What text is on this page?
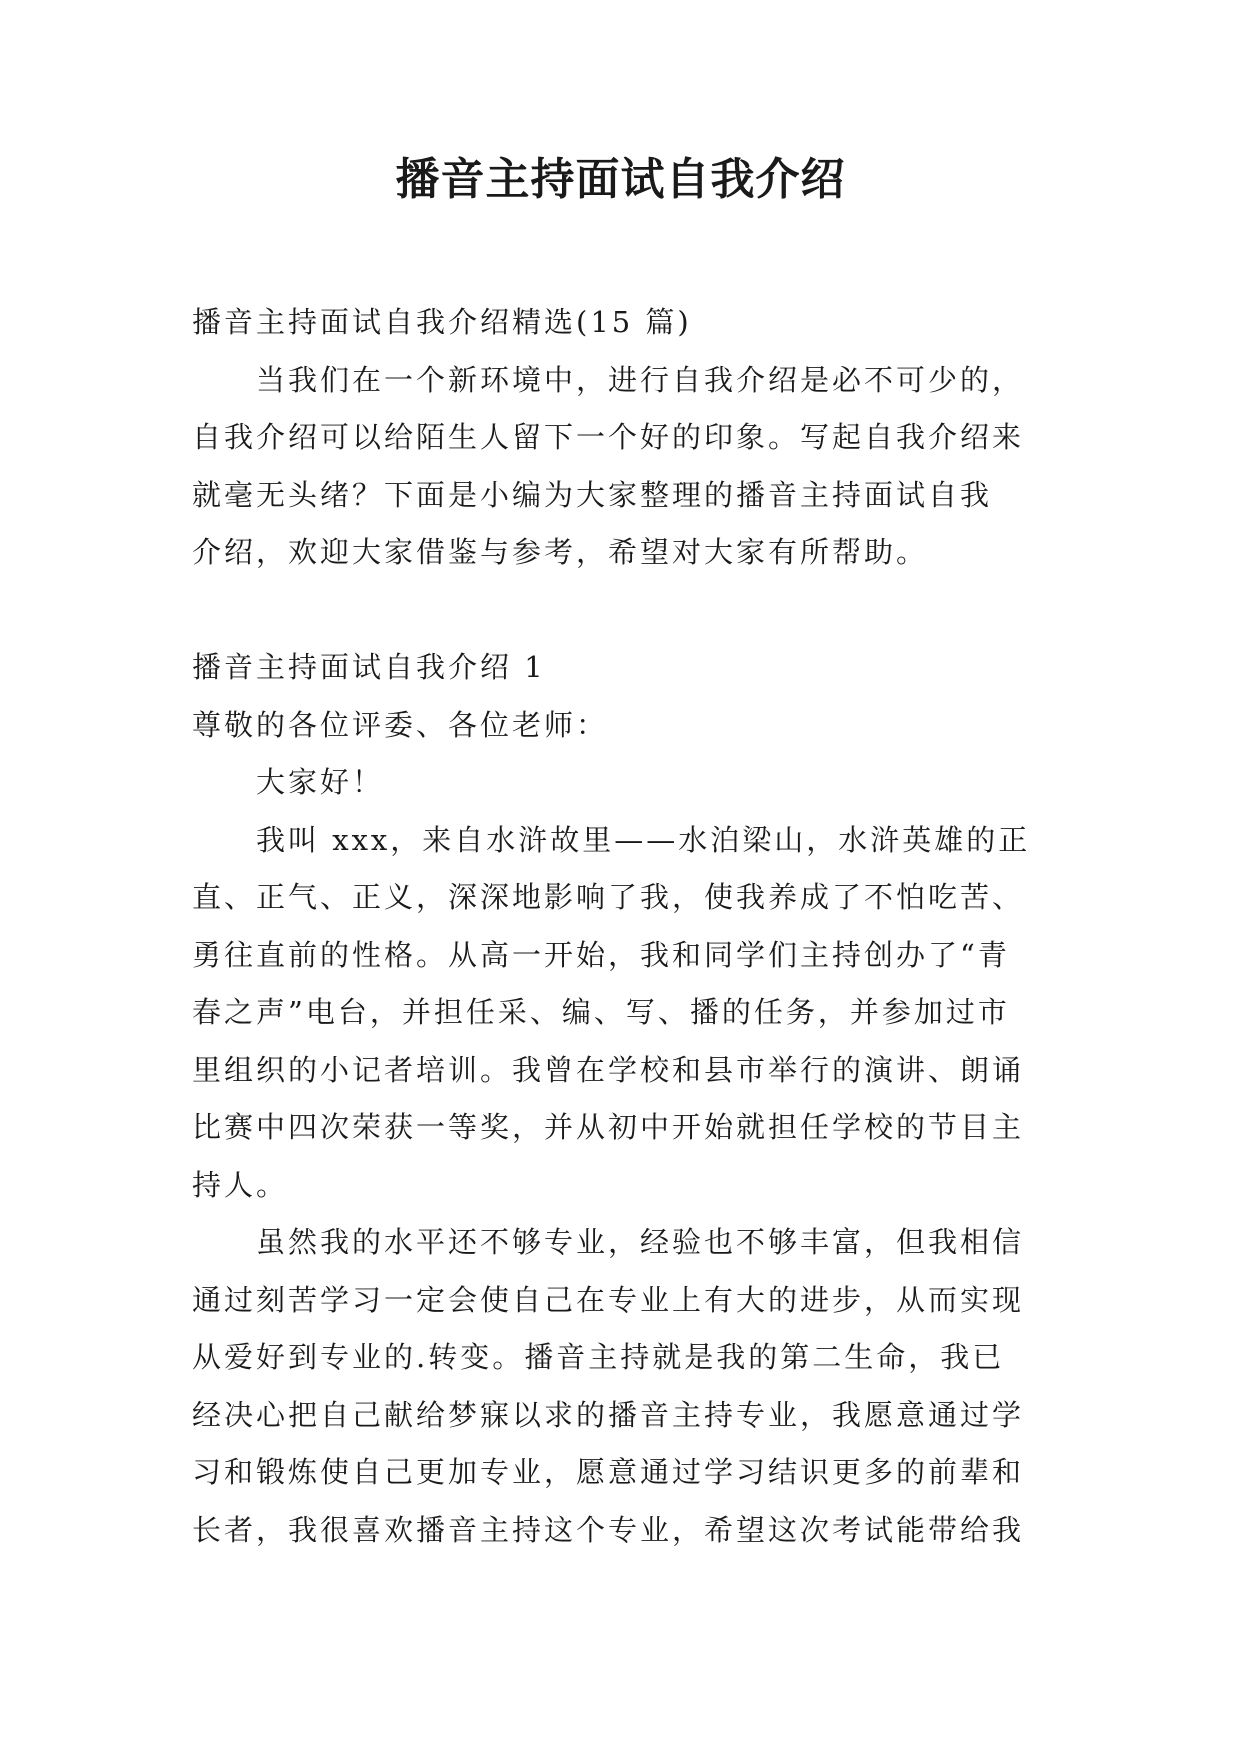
播音主持面试自我介绍
播音主持面试自我介绍精选(15 篇)
当我们在一个新环境中，进行自我介绍是必不可少的，
自我介绍可以给陌生人留下一个好的印象。写起自我介绍来
就毫无头绪？下面是小编为大家整理的播音主持面试自我
介绍，欢迎大家借鉴与参考，希望对大家有所帮助。
播音主持面试自我介绍 1
尊敬的各位评委、各位老师：
大家好！
我叫 xxx，来自水浒故里——水泊梁山，水浒英雄的正
直、正气、正义，深深地影响了我，使我养成了不怕吃苦、
勇往直前的性格。从高一开始，我和同学们主持创办了“青
春之声”电台，并担任采、编、写、播的任务，并参加过市
里组织的小记者培训。我曾在学校和县市举行的演讲、朗诵
比赛中四次荣获一等奖，并从初中开始就担任学校的节目主
持人。
虽然我的水平还不够专业，经验也不够丰富，但我相信
通过刻苦学习一定会使自己在专业上有大的进步，从而实现
从爱好到专业的.转变。播音主持就是我的第二生命，我已
经决心把自己献给梦寐以求的播音主持专业，我愿意通过学
习和锻炼使自己更加专业，愿意通过学习结识更多的前辈和
长者，我很喜欢播音主持这个专业，希望这次考试能带给我
